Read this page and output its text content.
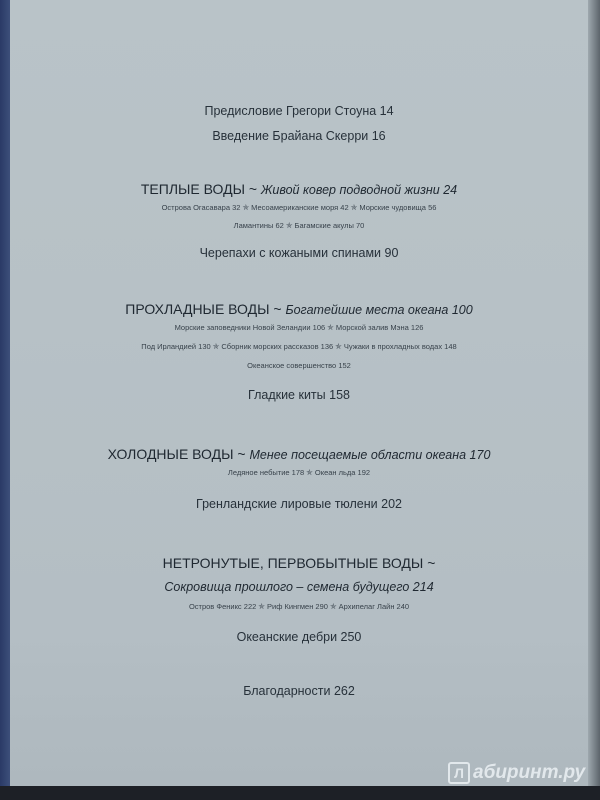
Предисловие Грегори Стоуна 14
Введение Брайана Скерри 16
ТЕПЛЫЕ ВОДЫ ~ Живой ковер подводной жизни 24
Острова Огасавара 32 ✯ Месоамериканские моря 42 ✯ Морские чудовища 56
Ламантины 62 ✯ Багамские акулы 70
Черепахи с кожаными спинами 90
ПРОХЛАДНЫЕ ВОДЫ ~ Богатейшие места океана 100
Морские заповедники Новой Зеландии 106 ✯ Морской залив Мэна 126
Под Ирландией 130 ✯ Сборник морских рассказов 136 ✯ Чужаки в прохладных водах 148
Океанское совершенство 152
Гладкие киты 158
ХОЛОДНЫЕ ВОДЫ ~ Менее посещаемые области океана 170
Ледяное небытие 178 ✯ Океан льда 192
Гренландские лировые тюлени 202
НЕТРОНУТЫЕ, ПЕРВОБЫТНЫЕ ВОДЫ ~
Сокровища прошлого – семена будущего 214
Остров Феникс 222 ✯ Риф Кингмен 290 ✯ Архипелаг Лайн 240
Океанские дебри 250
Благодарности 262
Л абиринт.ру
